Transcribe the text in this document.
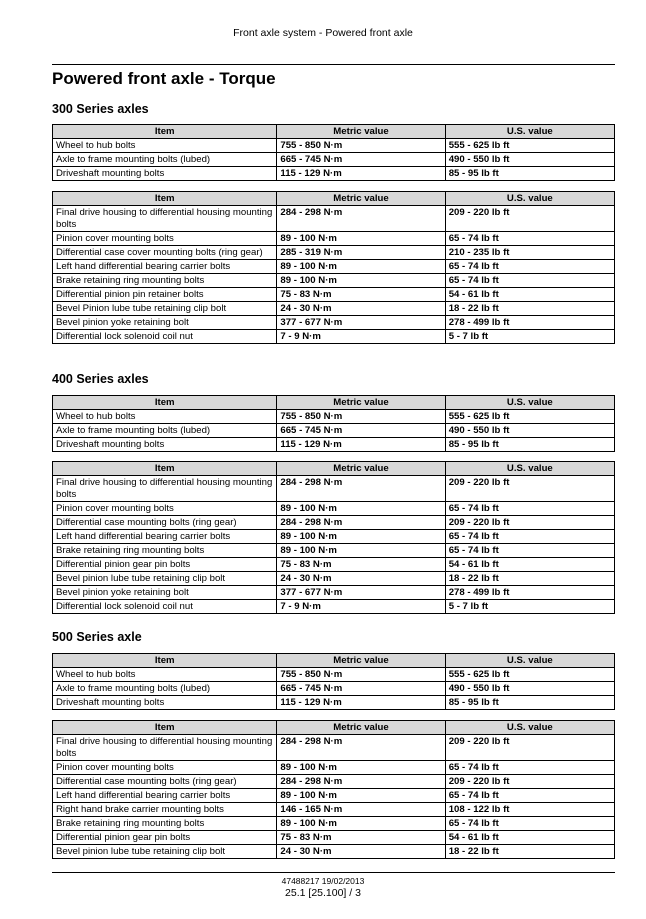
Front axle system - Powered front axle
Powered front axle - Torque
300 Series axles
Item	Metric value	U.S. value
Wheel to hub bolts	755 - 850 N·m	555 - 625 lb ft
Axle to frame mounting bolts (lubed)	665 - 745 N·m	490 - 550 lb ft
Driveshaft mounting bolts	115 - 129 N·m	85 - 95 lb ft
Item	Metric value	U.S. value
Final drive housing to differential housing mounting bolts	284 - 298 N·m	209 - 220 lb ft
Pinion cover mounting bolts	89 - 100 N·m	65 - 74 lb ft
Differential case cover mounting bolts (ring gear)	285 - 319 N·m	210 - 235 lb ft
Left hand differential bearing carrier bolts	89 - 100 N·m	65 - 74 lb ft
Brake retaining ring mounting bolts	89 - 100 N·m	65 - 74 lb ft
Differential pinion pin retainer bolts	75 - 83 N·m	54 - 61 lb ft
Bevel Pinion lube tube retaining clip bolt	24 - 30 N·m	18 - 22 lb ft
Bevel pinion yoke retaining bolt	377 - 677 N·m	278 - 499 lb ft
Differential lock solenoid coil nut	7 - 9 N·m	5 - 7 lb ft
400 Series axles
Item	Metric value	U.S. value
Wheel to hub bolts	755 - 850 N·m	555 - 625 lb ft
Axle to frame mounting bolts (lubed)	665 - 745 N·m	490 - 550 lb ft
Driveshaft mounting bolts	115 - 129 N·m	85 - 95 lb ft
Item	Metric value	U.S. value
Final drive housing to differential housing mounting bolts	284 - 298 N·m	209 - 220 lb ft
Pinion cover mounting bolts	89 - 100 N·m	65 - 74 lb ft
Differential case mounting bolts (ring gear)	284 - 298 N·m	209 - 220 lb ft
Left hand differential bearing carrier bolts	89 - 100 N·m	65 - 74 lb ft
Brake retaining ring mounting bolts	89 - 100 N·m	65 - 74 lb ft
Differential pinion gear pin bolts	75 - 83 N·m	54 - 61 lb ft
Bevel pinion lube tube retaining clip bolt	24 - 30 N·m	18 - 22 lb ft
Bevel pinion yoke retaining bolt	377 - 677 N·m	278 - 499 lb ft
Differential lock solenoid coil nut	7 - 9 N·m	5 - 7 lb ft
500 Series axle
Item	Metric value	U.S. value
Wheel to hub bolts	755 - 850 N·m	555 - 625 lb ft
Axle to frame mounting bolts (lubed)	665 - 745 N·m	490 - 550 lb ft
Driveshaft mounting bolts	115 - 129 N·m	85 - 95 lb ft
Item	Metric value	U.S. value
Final drive housing to differential housing mounting bolts	284 - 298 N·m	209 - 220 lb ft
Pinion cover mounting bolts	89 - 100 N·m	65 - 74 lb ft
Differential case mounting bolts (ring gear)	284 - 298 N·m	209 - 220 lb ft
Left hand differential bearing carrier bolts	89 - 100 N·m	65 - 74 lb ft
Right hand brake carrier mounting bolts	146 - 165 N·m	108 - 122 lb ft
Brake retaining ring mounting bolts	89 - 100 N·m	65 - 74 lb ft
Differential pinion gear pin bolts	75 - 83 N·m	54 - 61 lb ft
Bevel pinion lube tube retaining clip bolt	24 - 30 N·m	18 - 22 lb ft
47488217 19/02/2013
25.1 [25.100] / 3
